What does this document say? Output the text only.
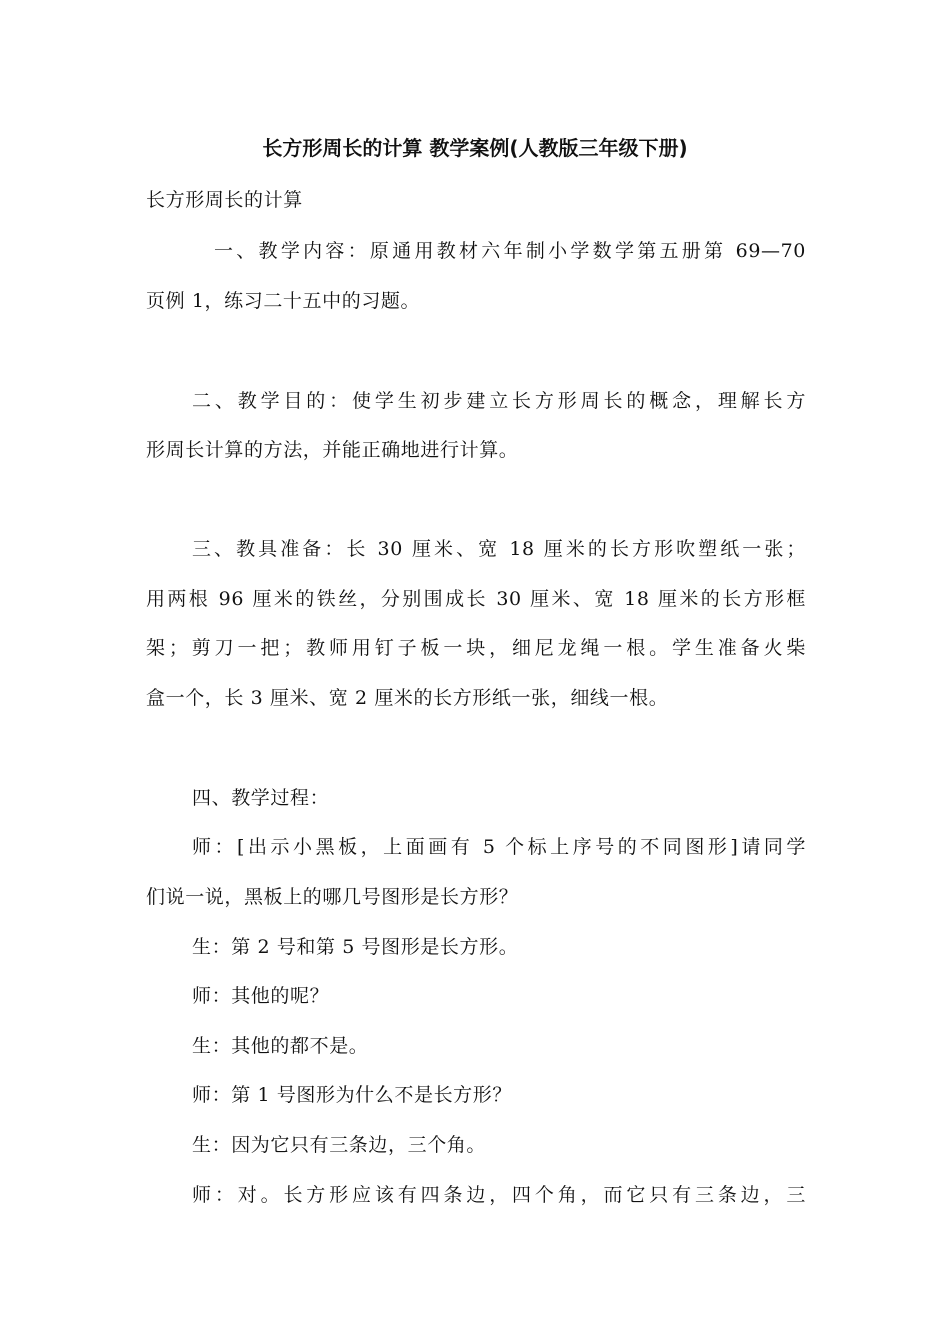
长方形周长的计算 教学案例(人教版三年级下册)
长方形周长的计算
一、教学内容：原通用教材六年制小学数学第五册第 69—70
页例 1，练习二十五中的习题。
二、教学目的：使学生初步建立长方形周长的概念，理解长方
形周长计算的方法，并能正确地进行计算。
三、教具准备：长 30 厘米、宽 18 厘米的长方形吹塑纸一张；
用两根 96 厘米的铁丝，分别围成长 30 厘米、宽 18 厘米的长方形框
架；剪刀一把；教师用钉子板一块，细尼龙绳一根。学生准备火柴
盒一个，长 3 厘米、宽 2 厘米的长方形纸一张，细线一根。
四、教学过程：
师：[出示小黑板，上面画有 5 个标上序号的不同图形]请同学
们说一说，黑板上的哪几号图形是长方形？
生：第 2 号和第 5 号图形是长方形。
师：其他的呢？
生：其他的都不是。
师：第 1 号图形为什么不是长方形？
生：因为它只有三条边，三个角。
师：对。长方形应该有四条边，四个角，而它只有三条边，三
